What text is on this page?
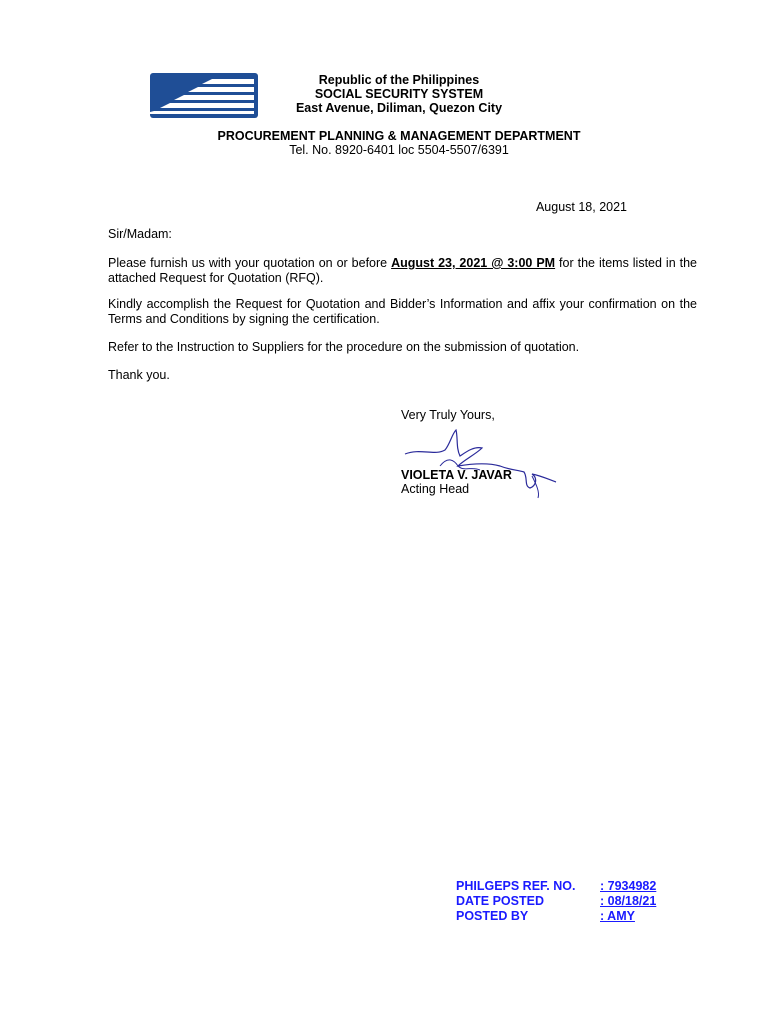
Republic of the Philippines
SOCIAL SECURITY SYSTEM
East Avenue, Diliman, Quezon City
PROCUREMENT PLANNING & MANAGEMENT DEPARTMENT
Tel. No. 8920-6401 loc 5504-5507/6391
August 18, 2021
Sir/Madam:
Please furnish us with your quotation on or before August 23, 2021 @ 3:00 PM for the items listed in the attached Request for Quotation (RFQ).
Kindly accomplish the Request for Quotation and Bidder’s Information and affix your confirmation on the Terms and Conditions by signing the certification.
Refer to the Instruction to Suppliers for the procedure on the submission of quotation.
Thank you.
Very Truly Yours,
VIOLETA V. JAVAR
Acting Head
PHILGEPS REF. NO.	: 7934982
DATE POSTED	: 08/18/21
POSTED BY	: AMY
